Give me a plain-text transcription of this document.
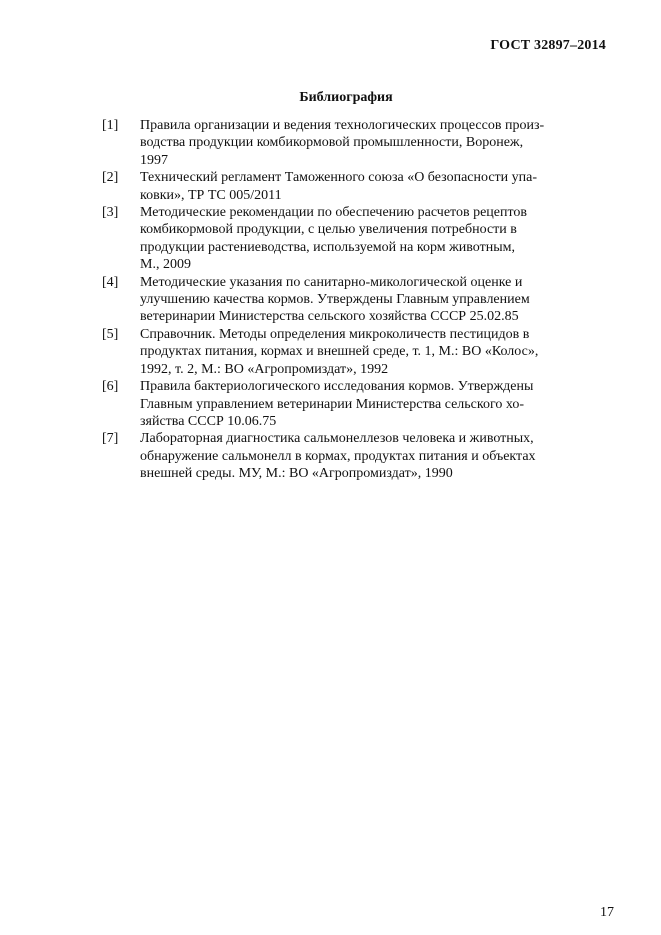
ГОСТ 32897–2014
Библиография
[1]	Правила организации и ведения технологических процессов произ-
водства продукции комбикормовой промышленности, Воронеж,
1997
[2]	Технический регламент Таможенного союза «О безопасности упа-
ковки», ТР ТС 005/2011
[3]	Методические рекомендации по обеспечению расчетов рецептов
комбикормовой продукции, с целью увеличения потребности в
продукции растениеводства, используемой на корм животным,
М., 2009
[4]	Методические указания по санитарно-микологической оценке и
улучшению качества кормов. Утверждены Главным управлением
ветеринарии Министерства сельского хозяйства СССР 25.02.85
[5]	Справочник. Методы определения микроколичеств пестицидов в
продуктах питания, кормах и внешней среде, т. 1, М.: ВО «Колос»,
1992, т. 2, М.: ВО «Агропромиздат», 1992
[6]	Правила бактериологического исследования кормов. Утверждены
Главным управлением ветеринарии Министерства сельского хо-
зяйства СССР 10.06.75
[7]	Лабораторная диагностика сальмонеллезов человека и животных,
обнаружение сальмонелл в кормах, продуктах питания и объектах
внешней среды. МУ, М.: ВО «Агропромиздат», 1990
17
